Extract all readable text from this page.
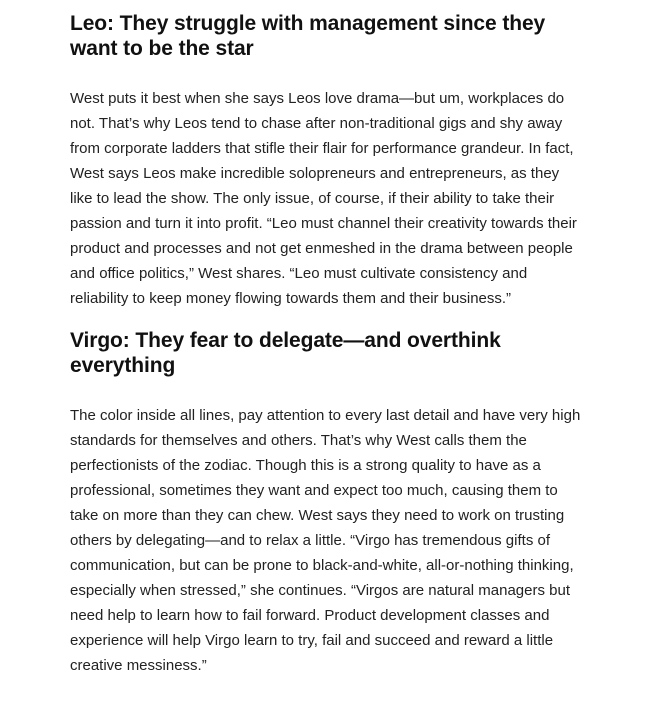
Leo: They struggle with management since they want to be the star

West puts it best when she says Leos love drama—but um, workplaces do not. That’s why Leos tend to chase after non-traditional gigs and shy away from corporate ladders that stifle their flair for performance grandeur. In fact, West says Leos make incredible solopreneurs and entrepreneurs, as they like to lead the show. The only issue, of course, if their ability to take their passion and turn it into profit. “Leo must channel their creativity towards their product and processes and not get enmeshed in the drama between people and office politics,” West shares. “Leo must cultivate consistency and reliability to keep money flowing towards them and their business.”

Virgo: They fear to delegate—and overthink everything

The color inside all lines, pay attention to every last detail and have very high standards for themselves and others. That’s why West calls them the perfectionists of the zodiac. Though this is a strong quality to have as a professional, sometimes they want and expect too much, causing them to take on more than they can chew. West says they need to work on trusting others by delegating—and to relax a little. “Virgo has tremendous gifts of communication, but can be prone to black-and-white, all-or-nothing thinking, especially when stressed,” she continues. “Virgos are natural managers but need help to learn how to fail forward. Product development classes and experience will help Virgo learn to try, fail and succeed and reward a little creative messiness.”
